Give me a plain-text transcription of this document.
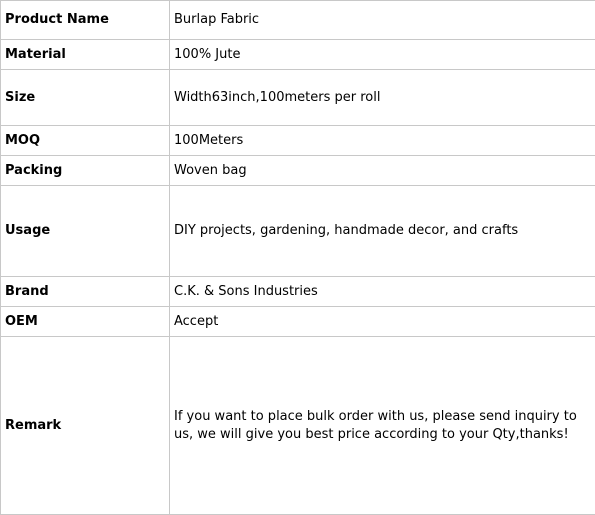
Product Name	Burlap Fabric
Material	100% Jute
Size	Width63inch,100meters per roll
MOQ	100Meters
Packing	Woven bag
Usage	DIY projects, gardening, handmade decor, and crafts
Brand	C.K. & Sons Industries
OEM	Accept
Remark	If you want to place bulk order with us, please send inquiry to us, we will give you best price according to your Qty,thanks!
